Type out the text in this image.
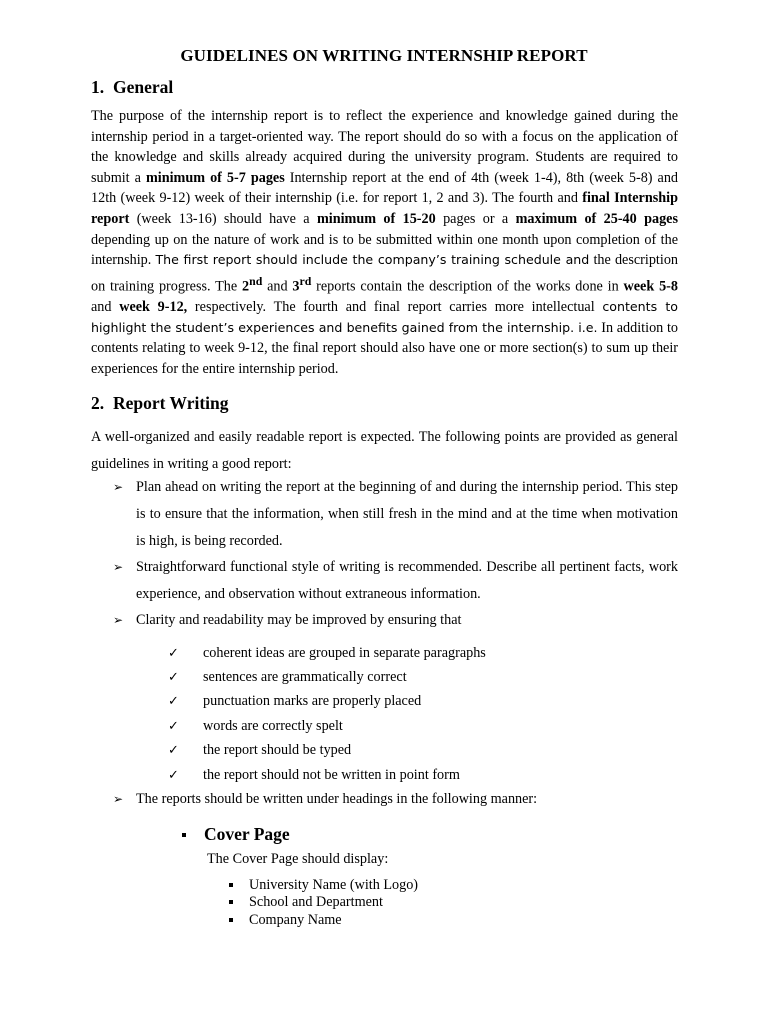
GUIDELINES ON WRITING INTERNSHIP REPORT
1. General
The purpose of the internship report is to reflect the experience and knowledge gained during the internship period in a target-oriented way. The report should do so with a focus on the application of the knowledge and skills already acquired during the university program. Students are required to submit a minimum of 5-7 pages Internship report at the end of 4th (week 1-4), 8th (week 5-8) and 12th (week 9-12) week of their internship (i.e. for report 1, 2 and 3). The fourth and final Internship report (week 13-16) should have a minimum of 15-20 pages or a maximum of 25-40 pages depending up on the nature of work and is to be submitted within one month upon completion of the internship. The first report should include the company’s training schedule and the description on training progress. The 2nd and 3rd reports contain the description of the works done in week 5-8 and week 9-12, respectively. The fourth and final report carries more intellectual contents to highlight the student’s experiences and benefits gained from the internship. i.e. In addition to contents relating to week 9-12, the final report should also have one or more section(s) to sum up their experiences for the entire internship period.
2. Report Writing
A well-organized and easily readable report is expected. The following points are provided as general guidelines in writing a good report:
➢ Plan ahead on writing the report at the beginning of and during the internship period. This step is to ensure that the information, when still fresh in the mind and at the time when motivation is high, is being recorded.
➢ Straightforward functional style of writing is recommended. Describe all pertinent facts, work experience, and observation without extraneous information.
➢ Clarity and readability may be improved by ensuring that
✓ coherent ideas are grouped in separate paragraphs
✓ sentences are grammatically correct
✓ punctuation marks are properly placed
✓ words are correctly spelt
✓ the report should be typed
✓ the report should not be written in point form
➢ The reports should be written under headings in the following manner:
Cover Page
The Cover Page should display:
University Name (with Logo)
School and Department
Company Name
